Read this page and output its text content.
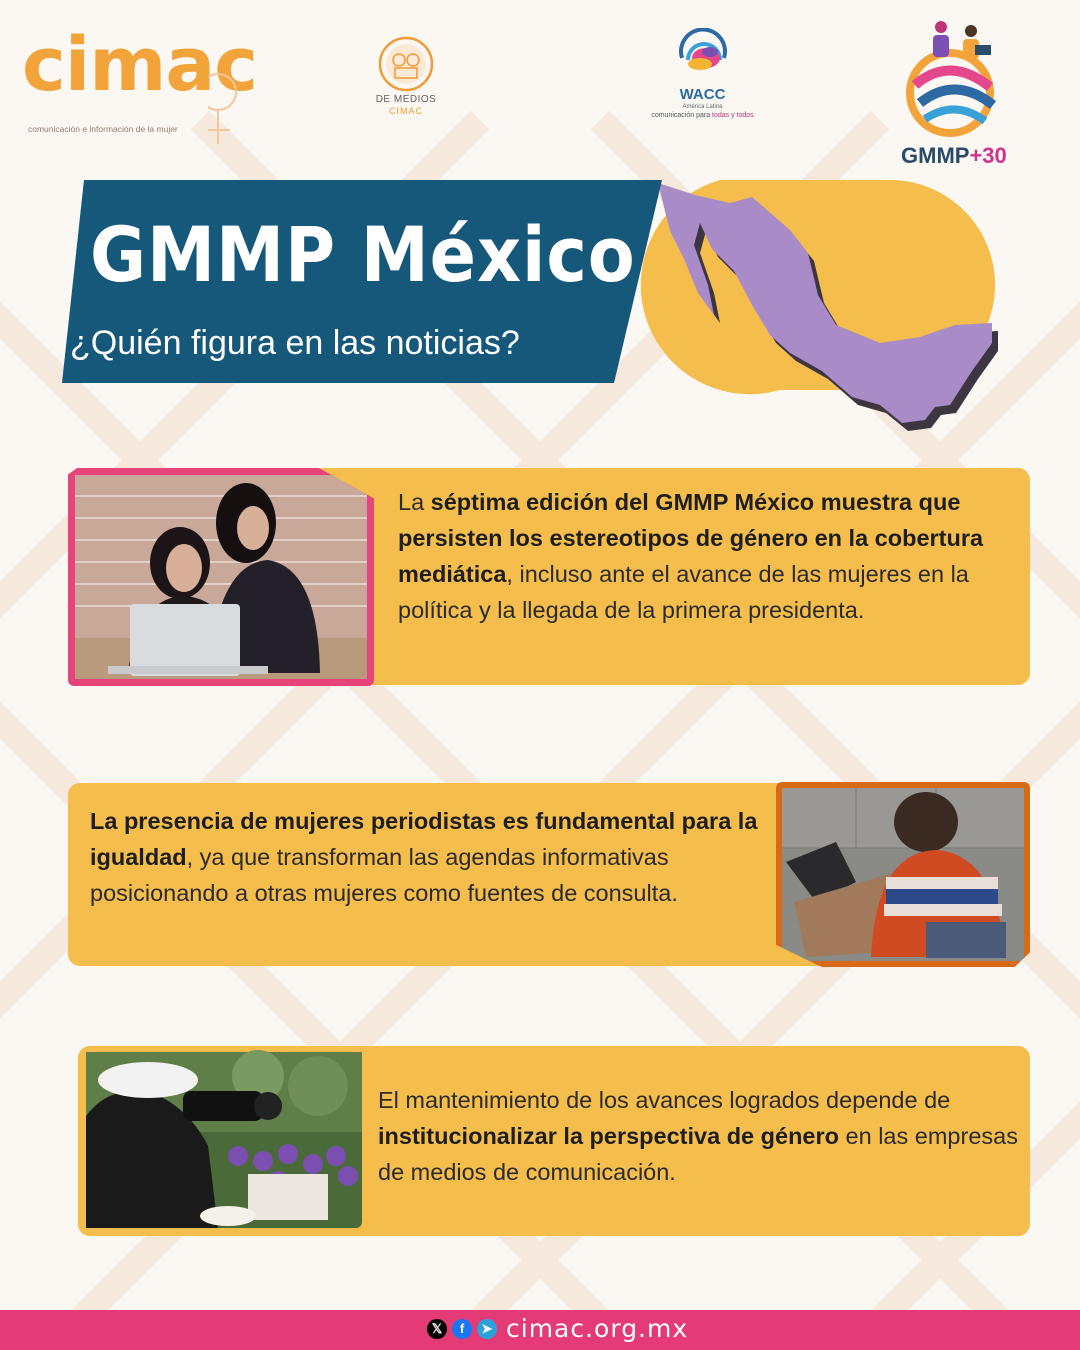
cimac
comunicación e información de la mujer
DE MEDIOS
CIMAC
WACC
América Latina
comunicación para todas y todos
GMMP+30
GMMP México
¿Quién figura en las noticias?
La séptima edición del GMMP México muestra que persisten los estereotipos de género en la cobertura mediática, incluso ante el avance de las mujeres en la política y la llegada de la primera presidenta.
La presencia de mujeres periodistas es fundamental para la igualdad, ya que transforman las agendas informativas posicionando a otras mujeres como fuentes de consulta.
El mantenimiento de los avances logrados depende de institucionalizar la perspectiva de género en las empresas de medios de comunicación.
𝕏	f	➤ cimac.org.mx
